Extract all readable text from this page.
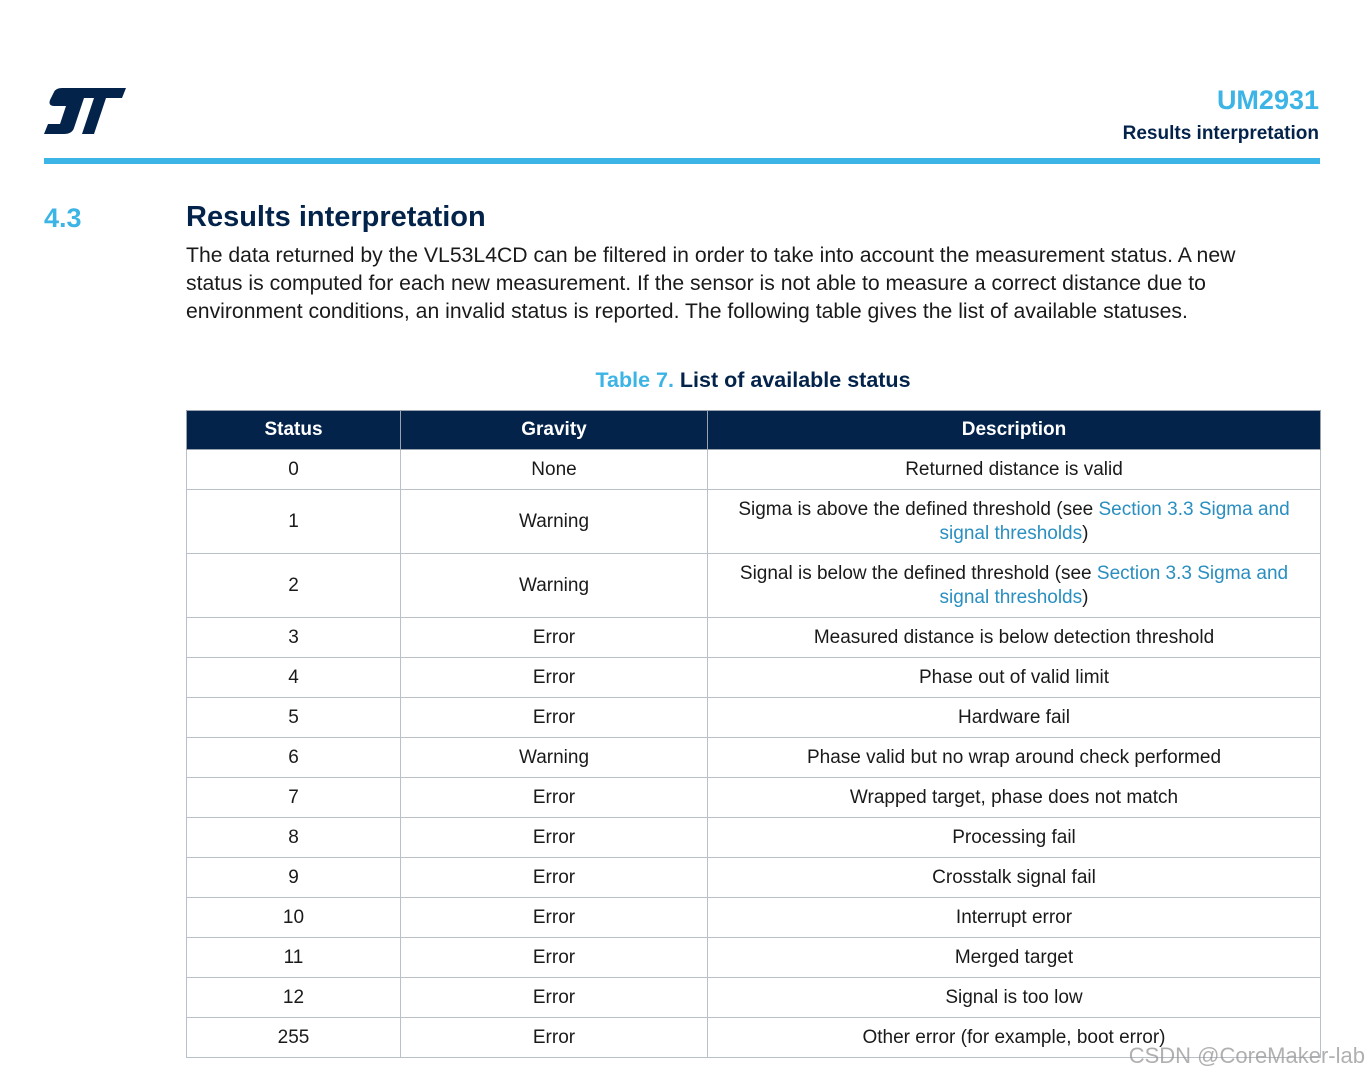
UM2931
Results interpretation
4.3	Results interpretation

The data returned by the VL53L4CD can be filtered in order to take into account the measurement status. A new
status is computed for each new measurement. If the sensor is not able to measure a correct distance due to
environment conditions, an invalid status is reported. The following table gives the list of available statuses.

Table 7. List of available status
Status	Gravity	Description
0	None	Returned distance is valid
1	Warning	Sigma is above the defined threshold (see Section 3.3 Sigma and signal thresholds)
2	Warning	Signal is below the defined threshold (see Section 3.3 Sigma and signal thresholds)
3	Error	Measured distance is below detection threshold
4	Error	Phase out of valid limit
5	Error	Hardware fail
6	Warning	Phase valid but no wrap around check performed
7	Error	Wrapped target, phase does not match
8	Error	Processing fail
9	Error	Crosstalk signal fail
10	Error	Interrupt error
11	Error	Merged target
12	Error	Signal is too low
255	Error	Other error (for example, boot error)
CSDN @CoreMaker-lab
